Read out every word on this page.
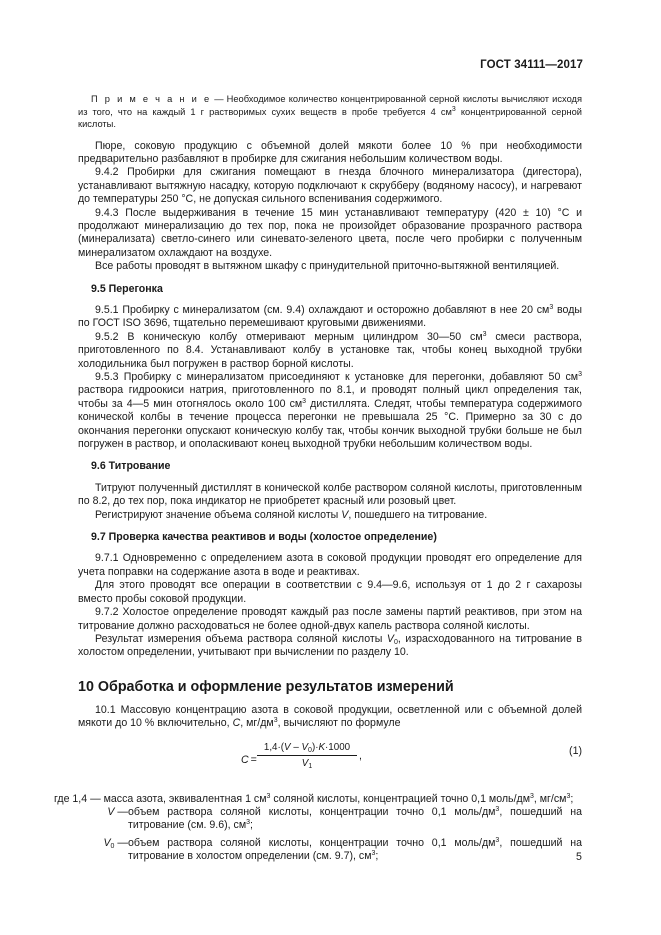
ГОСТ 34111—2017

П р и м е ч а н и е — Необходимое количество концентрированной серной кислоты вычисляют исходя из того, что на каждый 1 г растворимых сухих веществ в пробе требуется 4 $см^3$ концентрированной серной кислоты.

Пюре, соковую продукцию с объемной долей мякоти более 10 % при необходимости предварительно разбавляют в пробирке для сжигания небольшим количеством воды.

9.4.2 Пробирки для сжигания помещают в гнезда блочного минерализатора (дигестора), устанавливают вытяжную насадку, которую подключают к скрубберу (водяному насосу), и нагревают до температуры 250 °С, не допуская сильного вспенивания содержимого.

9.4.3 После выдерживания в течение 15 мин устанавливают температуру (420 ± 10) °С и продолжают минерализацию до тех пор, пока не произойдет образование прозрачного раствора (минерализата) светло-синего или синевато-зеленого цвета, после чего пробирки с полученным минерализатом охлаждают на воздухе.

Все работы проводят в вытяжном шкафу с принудительной приточно-вытяжной вентиляцией.

9.5 Перегонка

9.5.1 Пробирку с минерализатом (см. 9.4) охлаждают и осторожно добавляют в нее 20 $см^3$ воды по ГОСТ ISO 3696, тщательно перемешивают круговыми движениями.

9.5.2 В коническую колбу отмеривают мерным цилиндром 30—50 $см^3$ смеси раствора, приготовленного по 8.4. Устанавливают колбу в установке так, чтобы конец выходной трубки холодильника был погружен в раствор борной кислоты.

9.5.3 Пробирку с минерализатом присоединяют к установке для перегонки, добавляют 50 $см^3$ раствора гидроокиси натрия, приготовленного по 8.1, и проводят полный цикл определения так, чтобы за 4—5 мин отогнялось около 100 $см^3$ дистиллята. Следят, чтобы температура содержимого конической колбы в течение процесса перегонки не превышала 25 °С. Примерно за 30 с до окончания перегонки опускают коническую колбу так, чтобы кончик выходной трубки больше не был погружен в раствор, и ополаскивают конец выходной трубки небольшим количеством воды.

9.6 Титрование

Титруют полученный дистиллят в конической колбе раствором соляной кислоты, приготовленным по 8.2, до тех пор, пока индикатор не приобретет красный или розовый цвет.

Регистрируют значение объема соляной кислоты V, пошедшего на титрование.

9.7 Проверка качества реактивов и воды (холостое определение)

9.7.1 Одновременно с определением азота в соковой продукции проводят его определение для учета поправки на содержание азота в воде и реактивах.

Для этого проводят все операции в соответствии с 9.4—9.6, используя от 1 до 2 г сахарозы вместо пробы соковой продукции.

9.7.2 Холостое определение проводят каждый раз после замены партий реактивов, при этом на титрование должно расходоваться не более одной-двух капель раствора соляной кислоты.

Результат измерения объема раствора соляной кислоты $V_0$, израсходованного на титрование в холостом определении, учитывают при вычислении по разделу 10.

10 Обработка и оформление результатов измерений

10.1 Массовую концентрацию азота в соковой продукции, осветленной или с объемной долей мякоти до 10 % включительно, C, $мг/дм^3$, вычисляют по формуле

C =
$1,4\cdot(V - V_0)\cdot K\cdot 1000$
$V_1$
,	(1)
где 1,4 — масса азота, эквивалентная 1 $см^3$ соляной кислоты, концентрацией точно 0,1 моль/$дм^3$, $мг/см^3$;
V — объем раствора соляной кислоты, концентрации точно 0,1 моль/$дм^3$, пошедший на титрование (см. 9.6), $см^3$;
$V_0$ — объем раствора соляной кислоты, концентрации точно 0,1 моль/$дм^3$, пошедший на титрование в холостом определении (см. 9.7), $см^3$;	5
